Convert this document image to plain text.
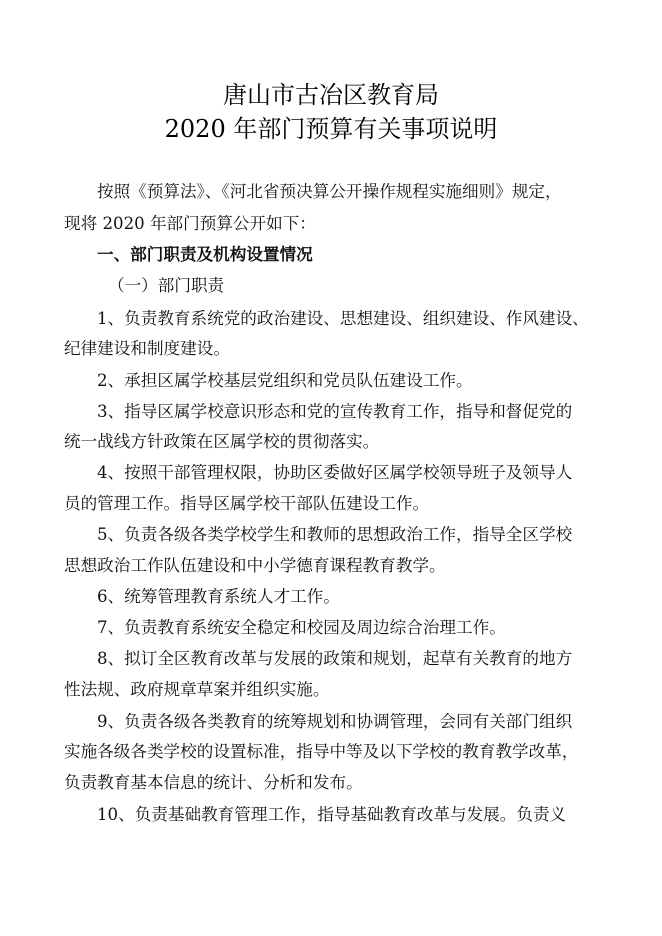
唐山市古冶区教育局
2020 年部门预算有关事项说明
按照《预算法》、《河北省预决算公开操作规程实施细则》规定，
现将 2020 年部门预算公开如下：
一、部门职责及机构设置情况
（一）部门职责
1、负责教育系统党的政治建设、思想建设、组织建设、作风建设、
纪律建设和制度建设。
2、承担区属学校基层党组织和党员队伍建设工作。
3、指导区属学校意识形态和党的宣传教育工作，指导和督促党的
统一战线方针政策在区属学校的贯彻落实。
4、按照干部管理权限，协助区委做好区属学校领导班子及领导人
员的管理工作。指导区属学校干部队伍建设工作。
5、负责各级各类学校学生和教师的思想政治工作，指导全区学校
思想政治工作队伍建设和中小学德育课程教育教学。
6、统筹管理教育系统人才工作。
7、负责教育系统安全稳定和校园及周边综合治理工作。
8、拟订全区教育改革与发展的政策和规划，起草有关教育的地方
性法规、政府规章草案并组织实施。
9、负责各级各类教育的统筹规划和协调管理，会同有关部门组织
实施各级各类学校的设置标准，指导中等及以下学校的教育教学改革，
负责教育基本信息的统计、分析和发布。
10、负责基础教育管理工作，指导基础教育改革与发展。负责义
